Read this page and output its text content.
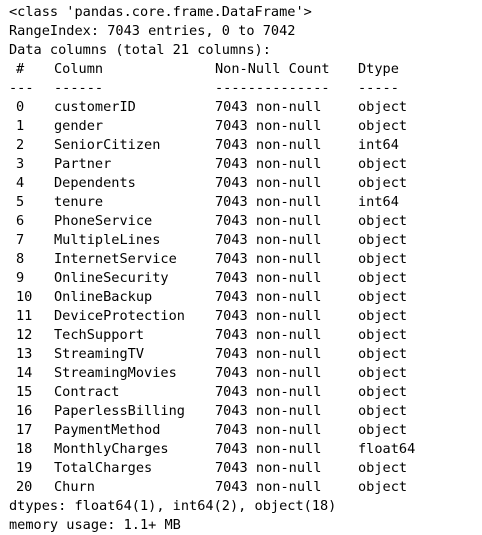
<class 'pandas.core.frame.DataFrame'>
RangeIndex: 7043 entries, 0 to 7042
Data columns (total 21 columns):
# Column	Non-Null Count Dtype
--- ------	-------------- -----
0 customerID	7043 non-null	object
1 gender	7043 non-null	object
2 SeniorCitizen	7043 non-null	int64
3 Partner	7043 non-null	object
4 Dependents	7043 non-null	object
5 tenure	7043 non-null	int64
6 PhoneService	7043 non-null	object
7 MultipleLines	7043 non-null	object
8 InternetService	7043 non-null	object
9 OnlineSecurity	7043 non-null	object
10 OnlineBackup	7043 non-null	object
11 DeviceProtection 7043 non-null	object
12 TechSupport	7043 non-null	object
13 StreamingTV	7043 non-null	object
14 StreamingMovies	7043 non-null	object
15 Contract	7043 non-null	object
16 PaperlessBilling 7043 non-null	object
17 PaymentMethod	7043 non-null	object
18 MonthlyCharges	7043 non-null	float64
19 TotalCharges	7043 non-null	object
20 Churn	7043 non-null	object
dtypes: float64(1), int64(2), object(18)
memory usage: 1.1+ MB
